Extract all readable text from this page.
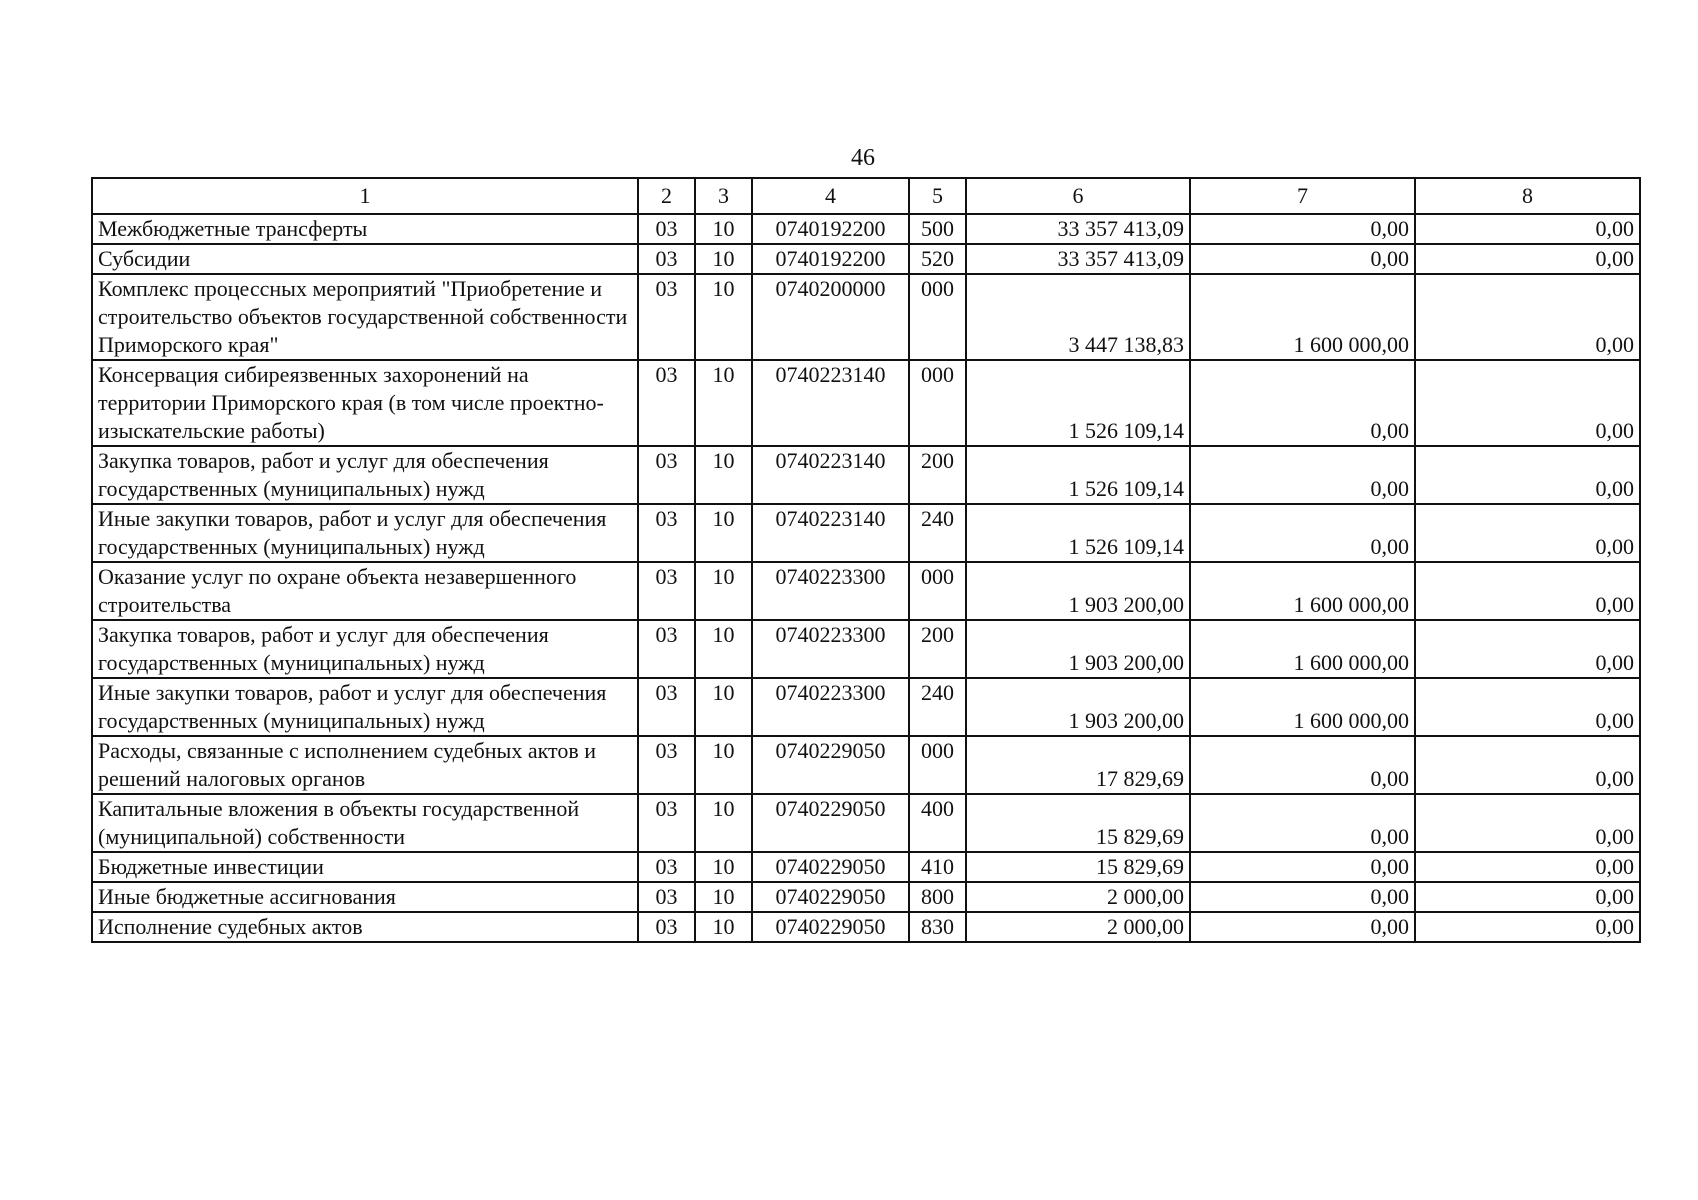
46
1	2	3	4	5	6	7	8
Межбюджетные трансферты	03	10	0740192200	500	33 357 413,09	0,00	0,00
Субсидии	03	10	0740192200	520	33 357 413,09	0,00	0,00
Комплекс процессных мероприятий "Приобретение и строительство объектов государственной собственности Приморского края"	03	10	0740200000	000	3 447 138,83	1 600 000,00	0,00
Консервация сибиреязвенных захоронений на территории Приморского края (в том числе проектно-изыскательские работы)	03	10	0740223140	000	1 526 109,14	0,00	0,00
Закупка товаров, работ и услуг для обеспечения государственных (муниципальных) нужд	03	10	0740223140	200	1 526 109,14	0,00	0,00
Иные закупки товаров, работ и услуг для обеспечения государственных (муниципальных) нужд	03	10	0740223140	240	1 526 109,14	0,00	0,00
Оказание услуг по охране объекта незавершенного строительства	03	10	0740223300	000	1 903 200,00	1 600 000,00	0,00
Закупка товаров, работ и услуг для обеспечения государственных (муниципальных) нужд	03	10	0740223300	200	1 903 200,00	1 600 000,00	0,00
Иные закупки товаров, работ и услуг для обеспечения государственных (муниципальных) нужд	03	10	0740223300	240	1 903 200,00	1 600 000,00	0,00
Расходы, связанные с исполнением судебных актов и решений налоговых органов	03	10	0740229050	000	17 829,69	0,00	0,00
Капитальные вложения в объекты государственной (муниципальной) собственности	03	10	0740229050	400	15 829,69	0,00	0,00
Бюджетные инвестиции	03	10	0740229050	410	15 829,69	0,00	0,00
Иные бюджетные ассигнования	03	10	0740229050	800	2 000,00	0,00	0,00
Исполнение судебных актов	03	10	0740229050	830	2 000,00	0,00	0,00
